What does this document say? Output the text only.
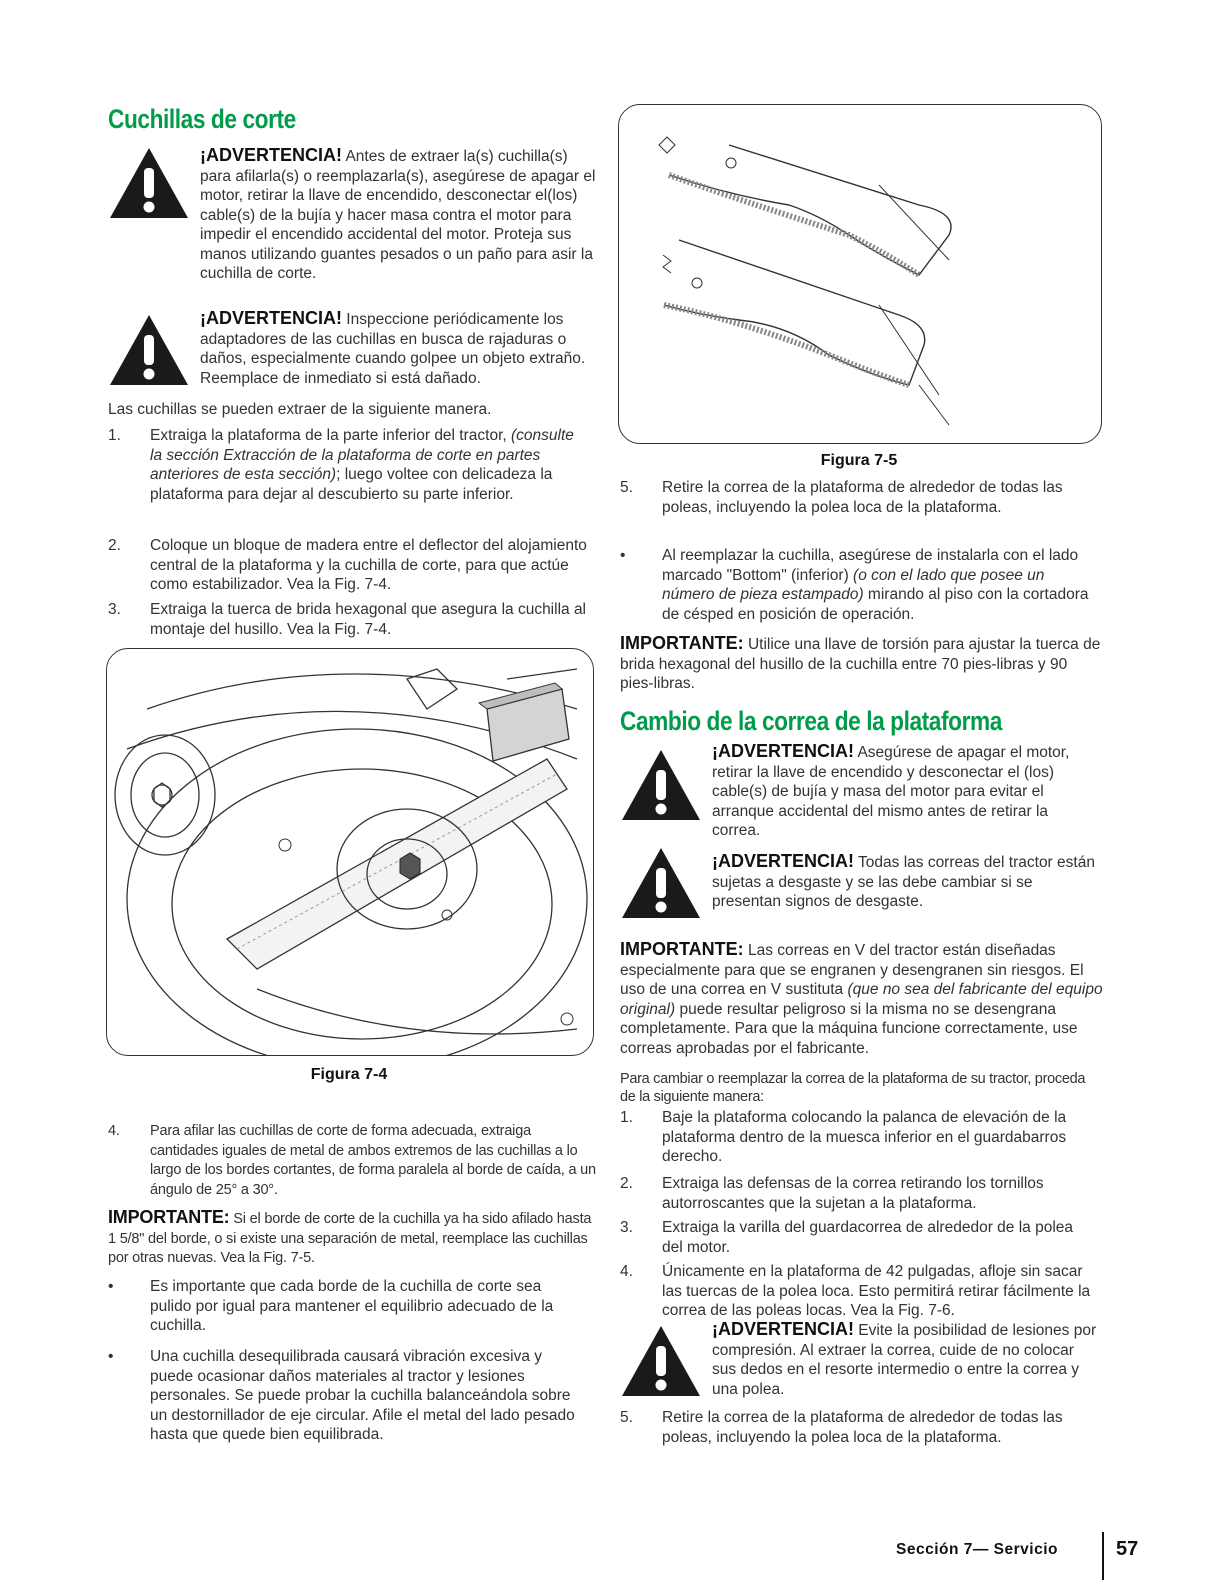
Cuchillas de corte
¡ADVERTENCIA! Antes de extraer la(s) cuchilla(s) para afilarla(s) o reemplazarla(s), asegúrese de apagar el motor, retirar la llave de encendido, desconectar el(los) cable(s) de la bujía y hacer masa contra el motor para impedir el encendido accidental del motor. Proteja sus manos utilizando guantes pesados o un paño para asir la cuchilla de corte.
¡ADVERTENCIA! Inspeccione periódicamente los adaptadores de las cuchillas en busca de rajaduras o daños, especialmente cuando golpee un objeto extraño. Reemplace de inmediato si está dañado.
Las cuchillas se pueden extraer de la siguiente manera.
1.	Extraiga la plataforma de la parte inferior del tractor, (consulte la sección Extracción de la plataforma de corte en partes anteriores de esta sección); luego voltee con delicadeza la plataforma para dejar al descubierto su parte inferior.
2.	Coloque un bloque de madera entre el deflector del alojamiento central de la plataforma y la cuchilla de corte, para que actúe como estabilizador. Vea la Fig. 7-4.
3.	Extraiga la tuerca de brida hexagonal que asegura la cuchilla al montaje del husillo. Vea la Fig. 7-4.
Figura 7-4
4.	Para afilar las cuchillas de corte de forma adecuada, extraiga cantidades iguales de metal de ambos extremos de las cuchillas a lo largo de los bordes cortantes, de forma paralela al borde de caída, a un ángulo de 25° a 30°.
IMPORTANTE: Si el borde de corte de la cuchilla ya ha sido afilado hasta 1 5/8" del borde, o si existe una separación de metal, reemplace las cuchillas por otras nuevas. Vea la Fig. 7-5.
•	Es importante que cada borde de la cuchilla de corte sea pulido por igual para mantener el equilibrio adecuado de la cuchilla.
•	Una cuchilla desequilibrada causará vibración excesiva y puede ocasionar daños materiales al tractor y lesiones personales. Se puede probar la cuchilla balanceándola sobre un destornillador de eje circular. Afile el metal del lado pesado hasta que quede bien equilibrada.
Figura 7-5
5.	Retire la correa de la plataforma de alrededor de todas las poleas, incluyendo la polea loca de la plataforma.
•	Al reemplazar la cuchilla, asegúrese de instalarla con el lado marcado "Bottom" (inferior) (o con el lado que posee un número de pieza estampado) mirando al piso con la cortadora de césped en posición de operación.
IMPORTANTE: Utilice una llave de torsión para ajustar la tuerca de brida hexagonal del husillo de la cuchilla entre 70 pies-libras y 90 pies-libras.
Cambio de la correa de la plataforma
¡ADVERTENCIA! Asegúrese de apagar el motor, retirar la llave de encendido y desconectar el (los) cable(s) de bujía y masa del motor para evitar el arranque accidental del mismo antes de retirar la correa.
¡ADVERTENCIA! Todas las correas del tractor están sujetas a desgaste y se las debe cambiar si se presentan signos de desgaste.
IMPORTANTE: Las correas en V del tractor están diseñadas especialmente para que se engranen y desengranen sin riesgos. El uso de una correa en V sustituta (que no sea del fabricante del equipo original) puede resultar peligroso si la misma no se desengrana completamente. Para que la máquina funcione correctamente, use correas aprobadas por el fabricante.
Para cambiar o reemplazar la correa de la plataforma de su tractor, proceda de la siguiente manera:
1.	Baje la plataforma colocando la palanca de elevación de la plataforma dentro de la muesca inferior en el guardabarros derecho.
2.	Extraiga las defensas de la correa retirando los tornillos autorroscantes que la sujetan a la plataforma.
3.	Extraiga la varilla del guardacorrea de alrededor de la polea del motor.
4.	Únicamente en la plataforma de 42 pulgadas, afloje sin sacar las tuercas de la polea loca. Esto permitirá retirar fácilmente la correa de las poleas locas. Vea la Fig. 7-6.
¡ADVERTENCIA! Evite la posibilidad de lesiones por compresión. Al extraer la correa, cuide de no colocar sus dedos en el resorte intermedio o entre la correa y una polea.
5.	Retire la correa de la plataforma de alrededor de todas las poleas, incluyendo la polea loca de la plataforma.
Sección 7— Servicio	57
